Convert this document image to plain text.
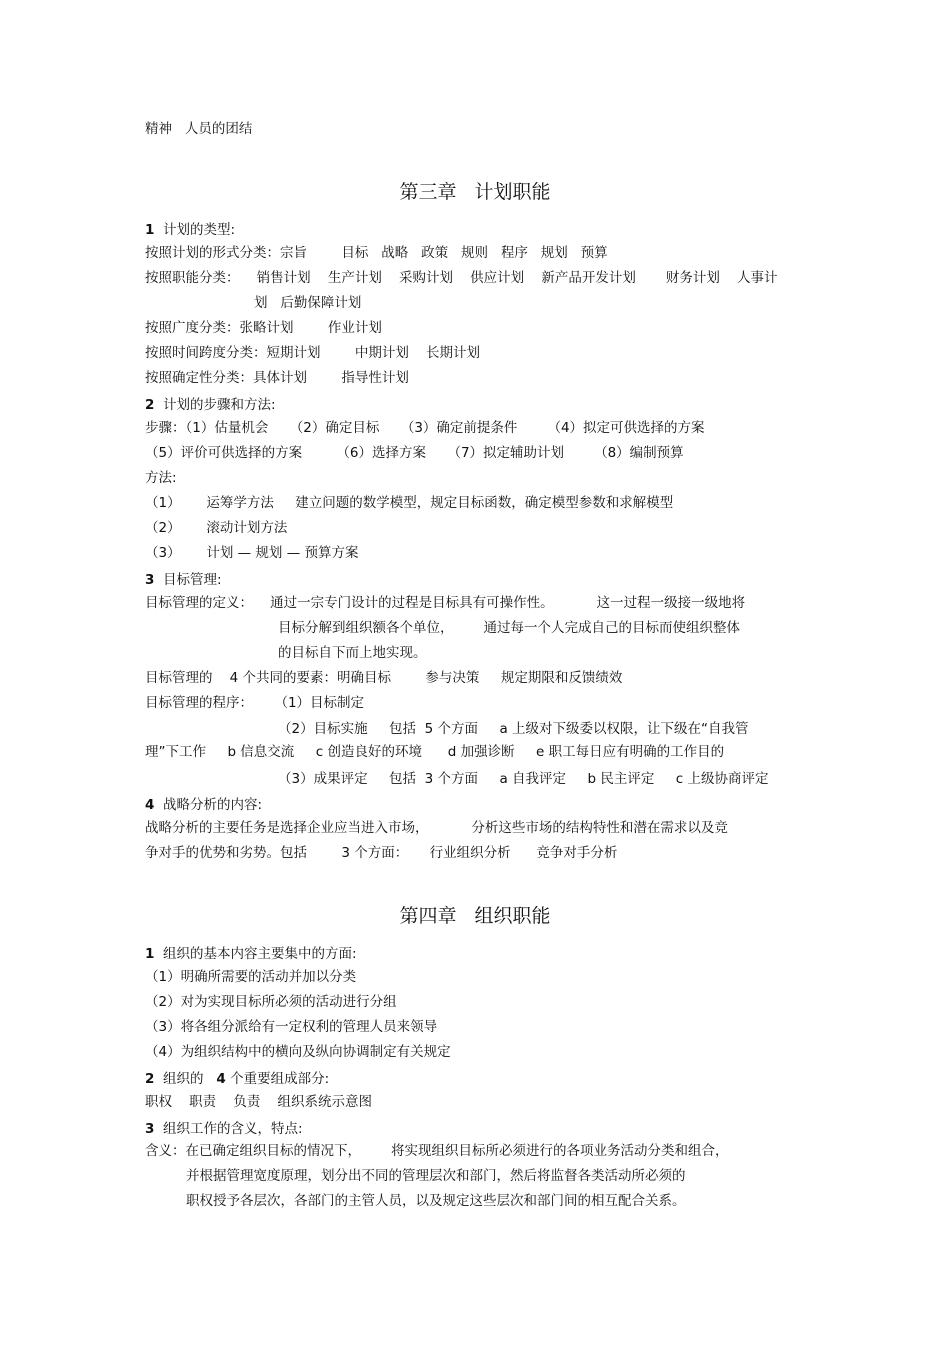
精神   人员的团结
第三章   计划职能
1  计划的类型:
按照计划的形式分类：宗旨        目标   战略   政策   规则   程序   规划   预算
按照职能分类：    销售计划    生产计划    采购计划    供应计划    新产品开发计划       财务计划    人事计
划   后勤保障计划
按照广度分类：张略计划        作业计划
按照时间跨度分类：短期计划        中期计划    长期计划
按照确定性分类：具体计划        指导性计划
2  计划的步骤和方法:
步骤：（1）估量机会     （2）确定目标     （3）确定前提条件       （4）拟定可供选择的方案
（5）评价可供选择的方案        （6）选择方案     （7）拟定辅助计划       （8）编制预算
方法:
（1）      运筹学方法     建立问题的数学模型，规定目标函数，确定模型参数和求解模型
（2）      滚动计划方法
（3）      计划 — 规划 — 预算方案
3  目标管理:
目标管理的定义：    通过一宗专门设计的过程是目标具有可操作性。          这一过程一级接一级地将
目标分解到组织额各个单位，       通过每一个人完成自己的目标而使组织整体
的目标自下而上地实现。
目标管理的    4 个共同的要素：明确目标        参与决策     规定期限和反馈绩效
目标管理的程序：     （1）目标制定
（2）目标实施     包括  5 个方面     a 上级对下级委以权限，让下级在“自我管
理”下工作     b 信息交流     c 创造良好的环境      d 加强诊断     e 职工每日应有明确的工作目的
（3）成果评定     包括  3 个方面     a 自我评定     b 民主评定     c 上级协商评定
4  战略分析的内容:
战略分析的主要任务是选择企业应当进入市场，          分析这些市场的结构特性和潜在需求以及竞
争对手的优势和劣势。包括        3 个方面：     行业组织分析      竞争对手分析
第四章   组织职能
1  组织的基本内容主要集中的方面:
（1）明确所需要的活动并加以分类
（2）对为实现目标所必须的活动进行分组
（3）将各组分派给有一定权利的管理人员来领导
（4）为组织结构中的横向及纵向协调制定有关规定
2  组织的   4 个重要组成部分:
职权    职责    负责    组织系统示意图
3  组织工作的含义，特点:
含义：在已确定组织目标的情况下，       将实现组织目标所必须进行的各项业务活动分类和组合，
并根据管理宽度原理，划分出不同的管理层次和部门，然后将监督各类活动所必须的
职权授予各层次，各部门的主管人员，以及规定这些层次和部门间的相互配合关系。
